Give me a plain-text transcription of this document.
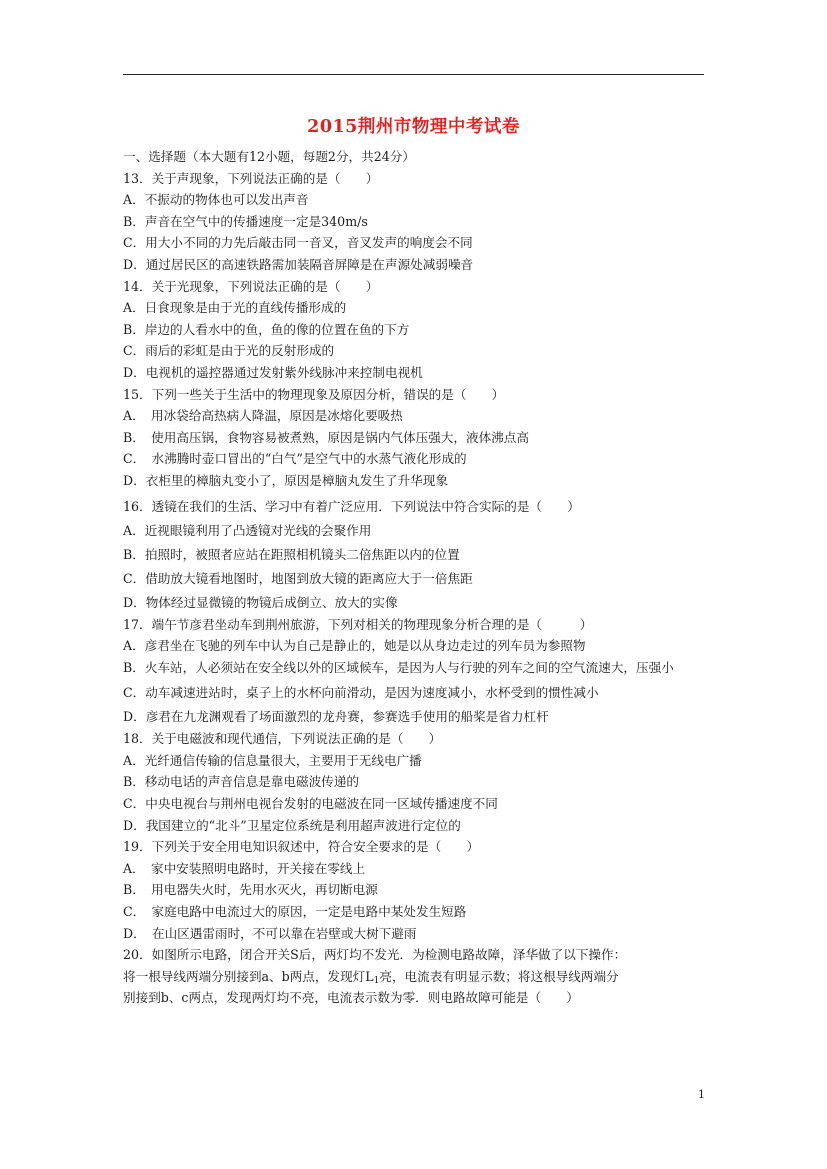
2015荆州市物理中考试卷
一、选择题（本大题有12小题，每题2分，共24分）
13．关于声现象，下列说法正确的是（　　）
A．不振动的物体也可以发出声音
B．声音在空气中的传播速度一定是340m/s
C．用大小不同的力先后敲击同一音叉，音叉发声的响度会不同
D．通过居民区的高速铁路需加装隔音屏障是在声源处减弱噪音
14．关于光现象，下列说法正确的是（　　）
A．日食现象是由于光的直线传播形成的
B．岸边的人看水中的鱼，鱼的像的位置在鱼的下方
C．雨后的彩虹是由于光的反射形成的
D．电视机的遥控器通过发射紫外线脉冲来控制电视机
15．下列一些关于生活中的物理现象及原因分析，错误的是（　　）
A．　用冰袋给高热病人降温，原因是冰熔化要吸热
B．　使用高压锅，食物容易被煮熟，原因是锅内气体压强大，液体沸点高
C．　水沸腾时壶口冒出的“白气”是空气中的水蒸气液化形成的
D．衣柜里的樟脑丸变小了，原因是樟脑丸发生了升华现象
16．透镜在我们的生活、学习中有着广泛应用．下列说法中符合实际的是（　　）
A．近视眼镜利用了凸透镜对光线的会聚作用
B．拍照时，被照者应站在距照相机镜头二倍焦距以内的位置
C．借助放大镜看地图时，地图到放大镜的距离应大于一倍焦距
D．物体经过显微镜的物镜后成倒立、放大的实像
17．端午节彦君坐动车到荆州旅游，下列对相关的物理现象分析合理的是（　　　）
A．彦君坐在飞驰的列车中认为自己是静止的，她是以从身边走过的列车员为参照物
B．火车站，人必须站在安全线以外的区域候车，是因为人与行驶的列车之间的空气流速大，压强小
C．动车减速进站时，桌子上的水杯向前滑动，是因为速度减小，水杯受到的惯性减小
D．彦君在九龙渊观看了场面激烈的龙舟赛，参赛选手使用的船桨是省力杠杆
18．关于电磁波和现代通信，下列说法正确的是（　　）
A．光纤通信传输的信息量很大，主要用于无线电广播
B．移动电话的声音信息是靠电磁波传递的
C．中央电视台与荆州电视台发射的电磁波在同一区域传播速度不同
D．我国建立的“北斗”卫星定位系统是利用超声波进行定位的
19．下列关于安全用电知识叙述中，符合安全要求的是（　　）
A．　家中安装照明电路时，开关接在零线上
B．　用电器失火时，先用水灭火，再切断电源
C．　家庭电路中电流过大的原因，一定是电路中某处发生短路
D．　在山区遇雷雨时，不可以靠在岩壁或大树下避雨
20．如图所示电路，闭合开关S后，两灯均不发光．为检测电路故障，泽华做了以下操作：
将一根导线两端分别接到a、b两点，发现灯$L_1$亮，电流表有明显示数；将这根导线两端分
别接到b、c两点，发现两灯均不亮，电流表示数为零．则电路故障可能是（　　）
1
